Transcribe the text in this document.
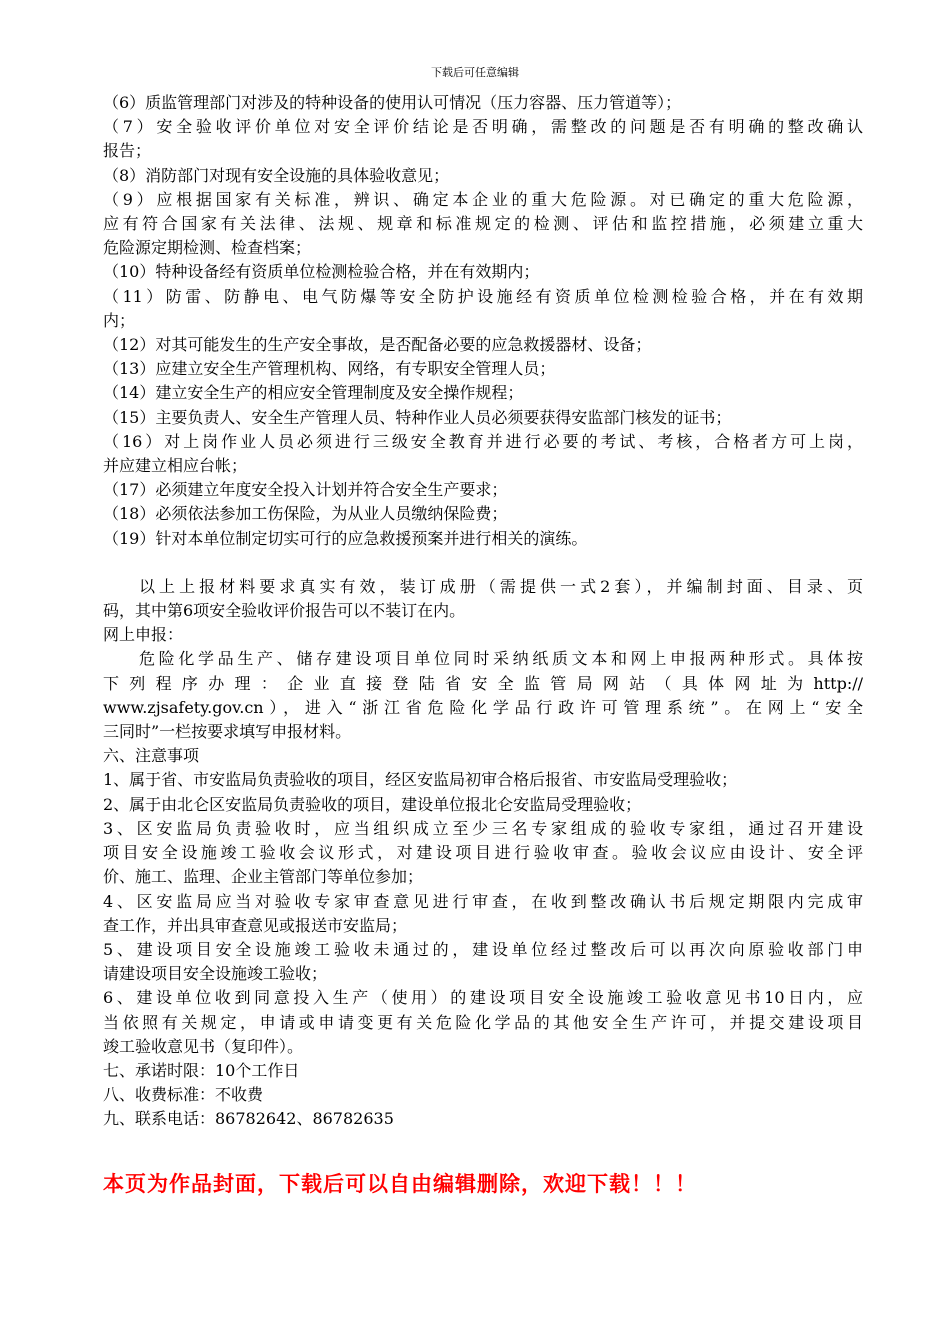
下载后可任意编辑
（6）质监管理部门对涉及的特种设备的使用认可情况（压力容器、压力管道等）；
（7）安全验收评价单位对安全评价结论是否明确，需整改的问题是否有明确的整改确认
报告；
（8）消防部门对现有安全设施的具体验收意见；
（9）应根据国家有关标准，辨识、确定本企业的重大危险源。对已确定的重大危险源，
应有符合国家有关法律、法规、规章和标准规定的检测、评估和监控措施，必须建立重大
危险源定期检测、检查档案；
（10）特种设备经有资质单位检测检验合格，并在有效期内；
（11）防雷、防静电、电气防爆等安全防护设施经有资质单位检测检验合格，并在有效期
内；
（12）对其可能发生的生产安全事故，是否配备必要的应急救援器材、设备；
（13）应建立安全生产管理机构、网络，有专职安全管理人员；
（14）建立安全生产的相应安全管理制度及安全操作规程；
（15）主要负责人、安全生产管理人员、特种作业人员必须要获得安监部门核发的证书；
（16）对上岗作业人员必须进行三级安全教育并进行必要的考试、考核，合格者方可上岗，
并应建立相应台帐；
（17）必须建立年度安全投入计划并符合安全生产要求；
（18）必须依法参加工伤保险，为从业人员缴纳保险费；
（19）针对本单位制定切实可行的应急救援预案并进行相关的演练。
以上上报材料要求真实有效，装订成册（需提供一式2套），并编制封面、目录、页
码，其中第6项安全验收评价报告可以不装订在内。
网上申报：
危险化学品生产、储存建设项目单位同时采纳纸质文本和网上申报两种形式。具体按
下列程序办理：企业直接登陆省安全监管局网站（具体网址为http://
www.zjsafety.gov.cn），进入“浙江省危险化学品行政许可管理系统”。在网上“安全
三同时”一栏按要求填写申报材料。
六、注意事项
1、属于省、市安监局负责验收的项目，经区安监局初审合格后报省、市安监局受理验收；
2、属于由北仑区安监局负责验收的项目，建设单位报北仑安监局受理验收；
3、区安监局负责验收时，应当组织成立至少三名专家组成的验收专家组，通过召开建设
项目安全设施竣工验收会议形式，对建设项目进行验收审查。验收会议应由设计、安全评
价、施工、监理、企业主管部门等单位参加；
4、区安监局应当对验收专家审查意见进行审查，在收到整改确认书后规定期限内完成审
查工作，并出具审查意见或报送市安监局；
5、建设项目安全设施竣工验收未通过的，建设单位经过整改后可以再次向原验收部门申
请建设项目安全设施竣工验收；
6、建设单位收到同意投入生产（使用）的建设项目安全设施竣工验收意见书10日内，应
当依照有关规定，申请或申请变更有关危险化学品的其他安全生产许可，并提交建设项目
竣工验收意见书（复印件）。
七、承诺时限：10个工作日
八、收费标准：不收费
九、联系电话：86782642、86782635
本页为作品封面，下载后可以自由编辑删除，欢迎下载！！！
